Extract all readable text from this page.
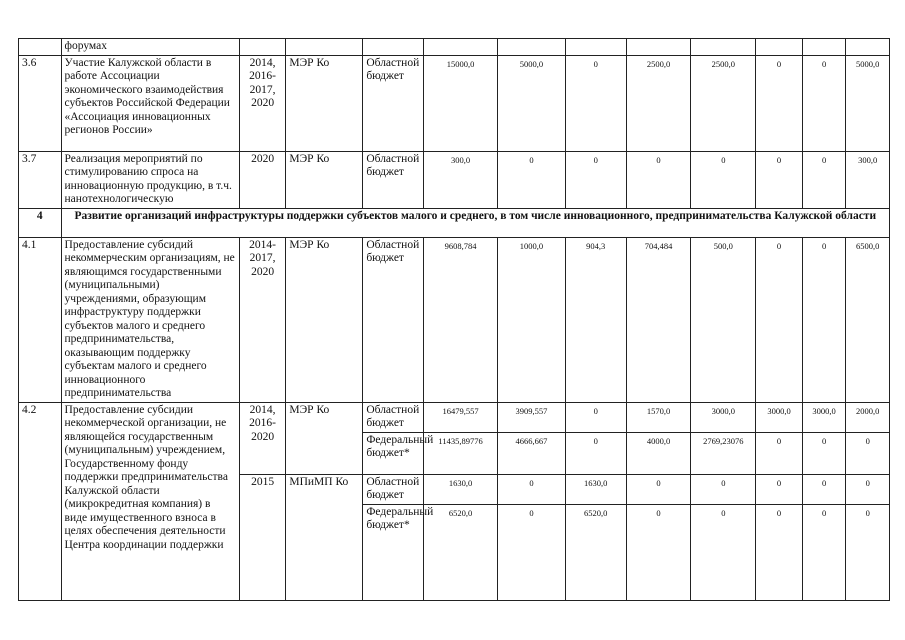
	форумах											
3.6	Участие Калужской области в работе Ассоциации экономического взаимодействия субъектов Российской Федерации «Ассоциация инновационных регионов России»	2014, 2016-2017, 2020	МЭР Ко	Областной бюджет	15000,0	5000,0	0	2500,0	2500,0	0	0	5000,0
3.7	Реализация мероприятий по стимулированию спроса на инновационную продукцию, в т.ч. нанотехнологическую	2020	МЭР Ко	Областной бюджет	300,0	0	0	0	0	0	0	300,0
4	Развитие организаций инфраструктуры поддержки субъектов малого и среднего, в том числе инновационного, предпринимательства Калужской области											
4.1	Предоставление субсидий некоммерческим организациям, не являющимся государственными (муниципальными) учреждениями, образующим инфраструктуру поддержки субъектов малого и среднего предпринимательства, оказывающим поддержку субъектам малого и среднего инновационного предпринимательства	2014-2017, 2020	МЭР Ко	Областной бюджет	9608,784	1000,0	904,3	704,484	500,0	0	0	6500,0
4.2	Предоставление субсидии некоммерческой организации, не являющейся государственным (муниципальным) учреждением, Государственному фонду поддержки предпринимательства Калужской области (микрокредитная компания) в виде имущественного взноса в целях обеспечения деятельности Центра координации поддержки	2014, 2016-2020	МЭР Ко	Областной бюджет	16479,557	3909,557	0	1570,0	3000,0	3000,0	3000,0	2000,0
				Федеральный бюджет*	11435,89776	4666,667	0	4000,0	2769,23076	0	0	0
		2015	МПиМП Ко	Областной бюджет	1630,0	0	1630,0	0	0	0	0	0
				Федеральный бюджет*	6520,0	0	6520,0	0	0	0	0	0
